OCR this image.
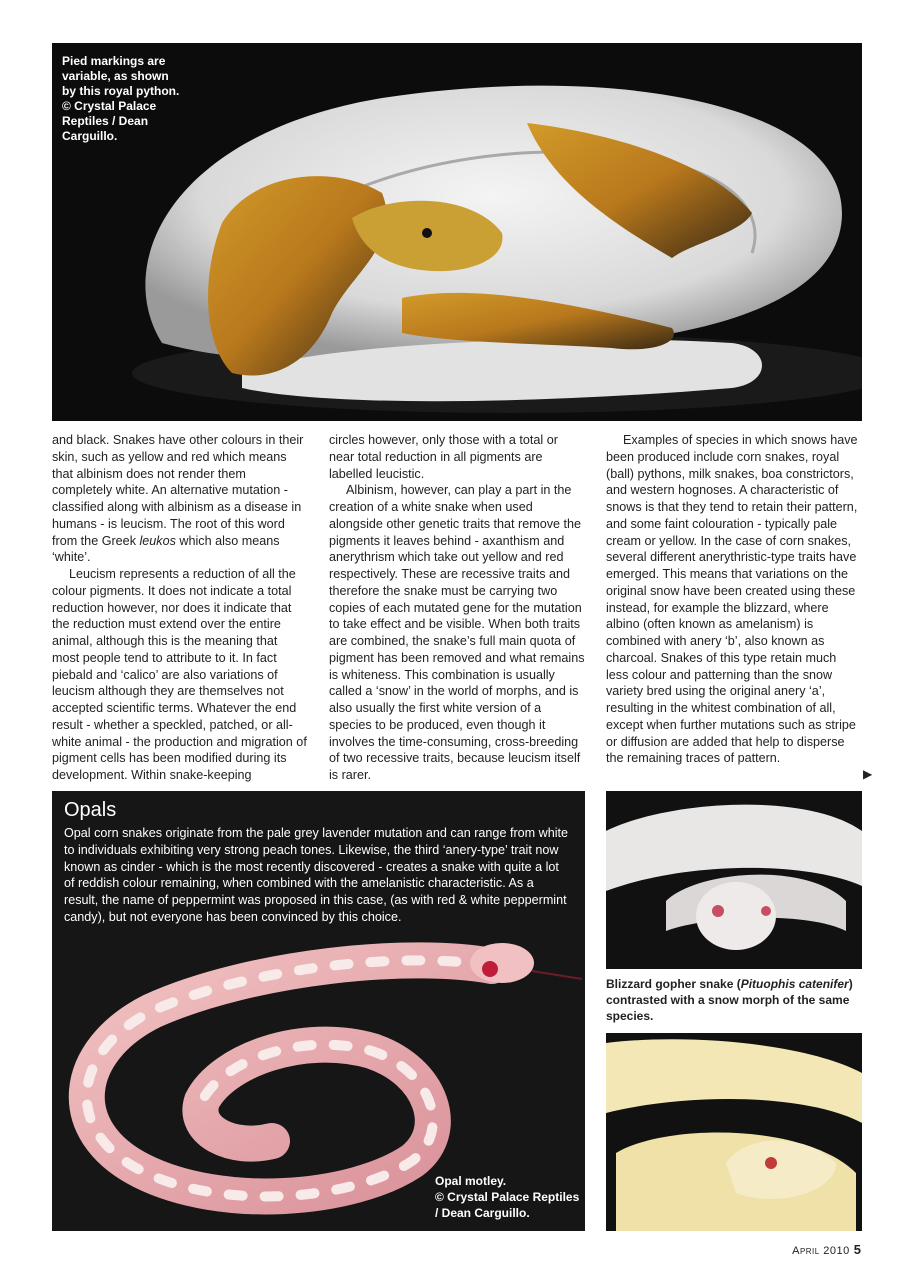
Pied markings are
variable, as shown
by this royal python.
© Crystal Palace
Reptiles / Dean
Carguillo.

and black. Snakes have other colours in their skin, such as yellow and red which means that albinism does not render them completely white. An alternative mutation - classified along with albinism as a disease in humans - is leucism. The root of this word from the Greek leukos which also means ‘white’.

Leucism represents a reduction of all the colour pigments. It does not indicate a total reduction however, nor does it indicate that the reduction must extend over the entire animal, although this is the meaning that most people tend to attribute to it. In fact piebald and ‘calico’ are also variations of leucism although they are themselves not accepted scientific terms. Whatever the end result - whether a speckled, patched, or all-white animal - the production and migration of pigment cells has been modified during its development. Within snake-keeping

circles however, only those with a total or near total reduction in all pigments are labelled leucistic.

Albinism, however, can play a part in the creation of a white snake when used alongside other genetic traits that remove the pigments it leaves behind - axanthism and anerythrism which take out yellow and red respectively. These are recessive traits and therefore the snake must be carrying two copies of each mutated gene for the mutation to take effect and be visible. When both traits are combined, the snake’s full main quota of pigment has been removed and what remains is whiteness. This combination is usually called a ‘snow’ in the world of morphs, and is also usually the first white version of a species to be produced, even though it involves the time-consuming, cross-breeding of two recessive traits, because leucism itself is rarer.

Examples of species in which snows have been produced include corn snakes, royal (ball) pythons, milk snakes, boa constrictors, and western hognoses. A characteristic of snows is that they tend to retain their pattern, and some faint colouration - typically pale cream or yellow. In the case of corn snakes, several different anerythristic-type traits have emerged. This means that variations on the original snow have been created using these instead, for example the blizzard, where albino (often known as amelanism) is combined with anery ‘b’, also known as charcoal. Snakes of this type retain much less colour and patterning than the snow variety bred using the original anery ‘a’, resulting in the whitest combination of all, except when further mutations such as stripe or diffusion are added that help to disperse the remaining traces of pattern.

▶
Opals
Opal corn snakes originate from the pale grey lavender mutation and can range from white to individuals exhibiting very strong peach tones. Likewise, the third ‘anery-type’ trait now known as cinder - which is the most recently discovered - creates a snake with quite a lot of reddish colour remaining, when combined with the amelanistic characteristic. As a result, the name of peppermint was proposed in this case, (as with red & white peppermint candy), but not everyone has been convinced by this choice.
Opal motley.
© Crystal Palace Reptiles
/ Dean Carguillo.
Blizzard gopher snake (Pituophis catenifer) contrasted with a snow morph of the same species.
April 2010 5
